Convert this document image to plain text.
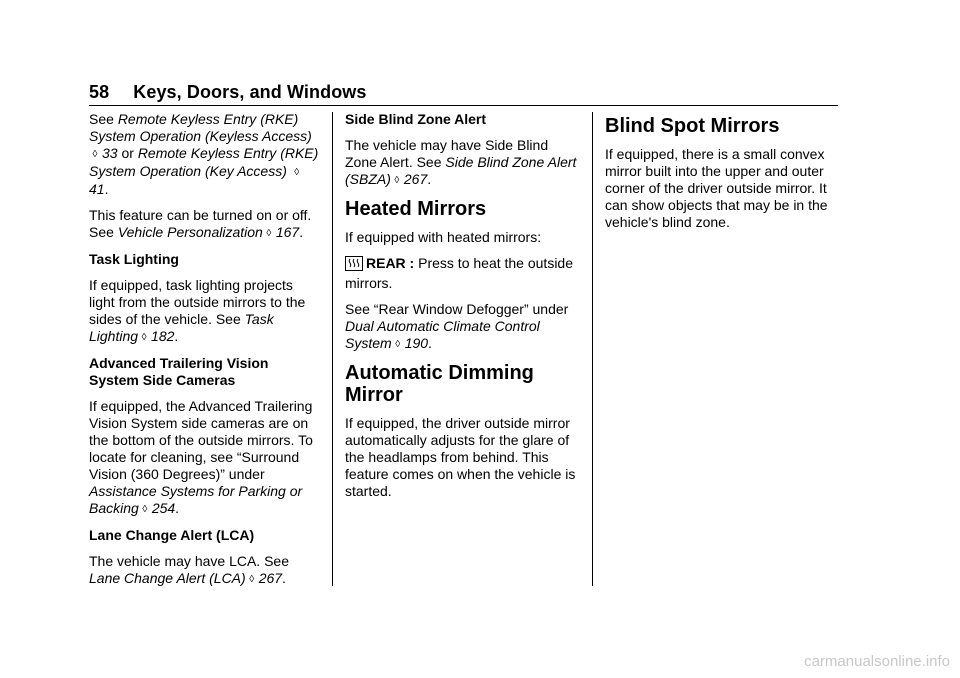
58 Keys, Doors, and Windows

See Remote Keyless Entry (RKE) System Operation (Keyless Access)
◊ 33 or Remote Keyless Entry (RKE) System Operation (Key Access) ◊41.

This feature can be turned on or off. See Vehicle Personalization ◊ 167.

Task Lighting

If equipped, task lighting projects light from the outside mirrors to the sides of the vehicle. See Task Lighting ◊ 182.

Advanced Trailering Vision System Side Cameras

If equipped, the Advanced Trailering Vision System side cameras are on the bottom of the outside mirrors. To locate for cleaning, see “Surround Vision (360 Degrees)” under Assistance Systems for Parking or Backing ◊ 254.

Lane Change Alert (LCA)

The vehicle may have LCA. See Lane Change Alert (LCA) ◊ 267.

Side Blind Zone Alert

The vehicle may have Side Blind Zone Alert. See Side Blind Zone Alert (SBZA) ◊ 267.

Heated Mirrors

If equipped with heated mirrors:

REAR : Press to heat the outside mirrors.

See “Rear Window Defogger” under Dual Automatic Climate Control System ◊ 190.

Automatic Dimming Mirror

If equipped, the driver outside mirror automatically adjusts for the glare of the headlamps from behind. This feature comes on when the vehicle is started.

Blind Spot Mirrors

If equipped, there is a small convex mirror built into the upper and outer corner of the driver outside mirror. It can show objects that may be in the vehicle's blind zone.

carmanualsonline.info
